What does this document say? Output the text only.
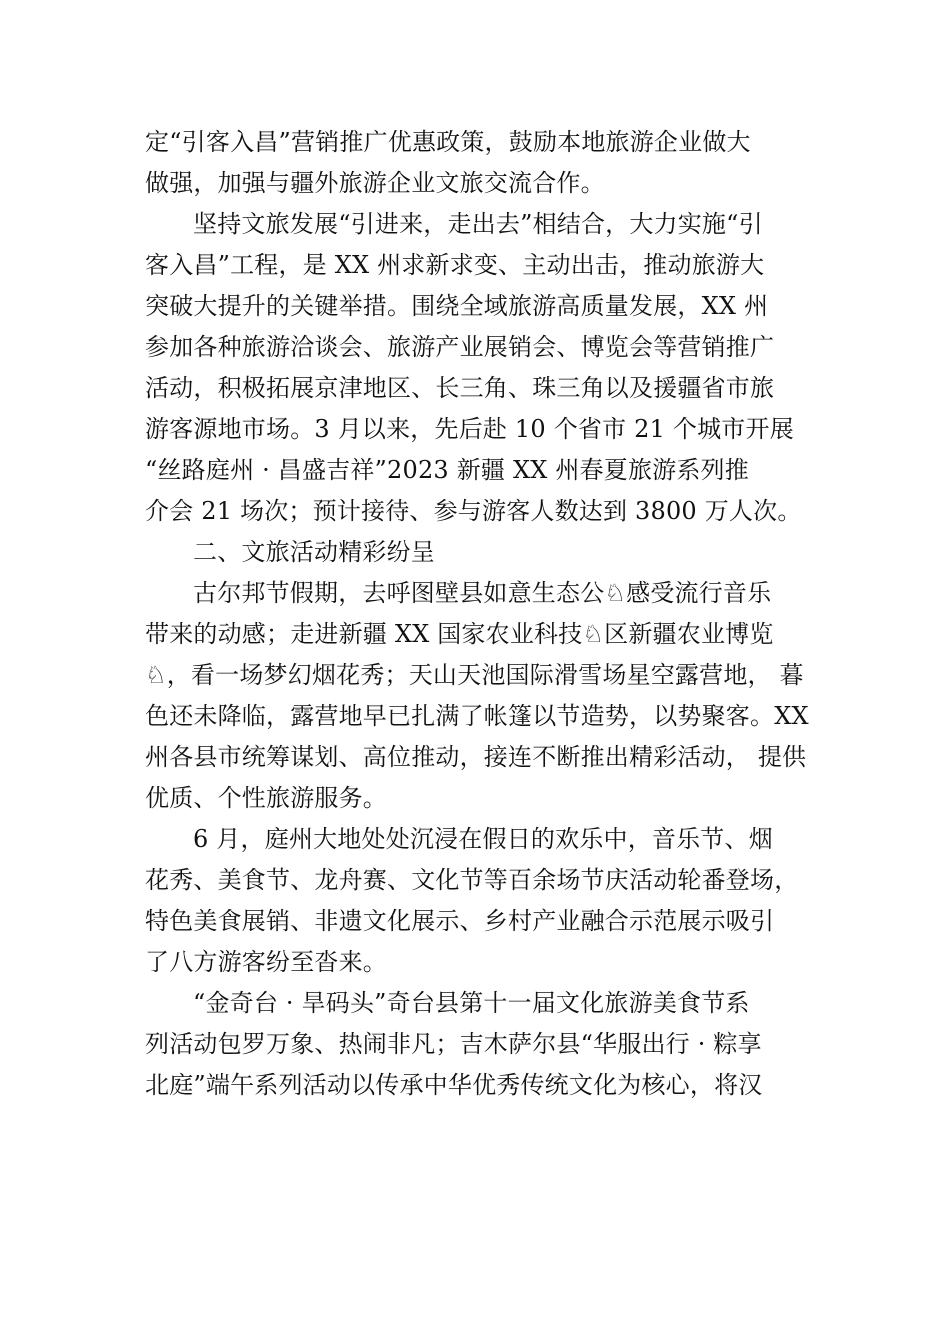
定“引客入昌”营销推广优惠政策，鼓励本地旅游企业做大
做强，加强与疆外旅游企业文旅交流合作。
坚持文旅发展“引进来，走出去”相结合，大力实施“引
客入昌”工程，是 XX 州求新求变、主动出击，推动旅游大
突破大提升的关键举措。围绕全域旅游高质量发展，XX 州
参加各种旅游洽谈会、旅游产业展销会、博览会等营销推广
活动，积极拓展京津地区、长三角、珠三角以及援疆省市旅
游客源地市场。3 月以来，先后赴 10 个省市 21 个城市开展
“丝路庭州 · 昌盛吉祥”2023 新疆 XX 州春夏旅游系列推
介会 21 场次；预计接待、参与游客人数达到 3800 万人次。
二、文旅活动精彩纷呈
古尔邦节假期，去呼图壁县如意生态公♘感受流行音乐
带来的动感；走进新疆 XX 国家农业科技♘区新疆农业博览
♘，看一场梦幻烟花秀；天山天池国际滑雪场星空露营地， 暮
色还未降临，露营地早已扎满了帐篷以节造势，以势聚客。XX
州各县市统筹谋划、高位推动，接连不断推出精彩活动， 提供
优质、个性旅游服务。
6 月，庭州大地处处沉浸在假日的欢乐中，音乐节、烟
花秀、美食节、龙舟赛、文化节等百余场节庆活动轮番登场，
特色美食展销、非遗文化展示、乡村产业融合示范展示吸引
了八方游客纷至沓来。
“金奇台 · 旱码头”奇台县第十一届文化旅游美食节系
列活动包罗万象、热闹非凡；吉木萨尔县“华服出行 · 粽享
北庭”端午系列活动以传承中华优秀传统文化为核心，将汉
